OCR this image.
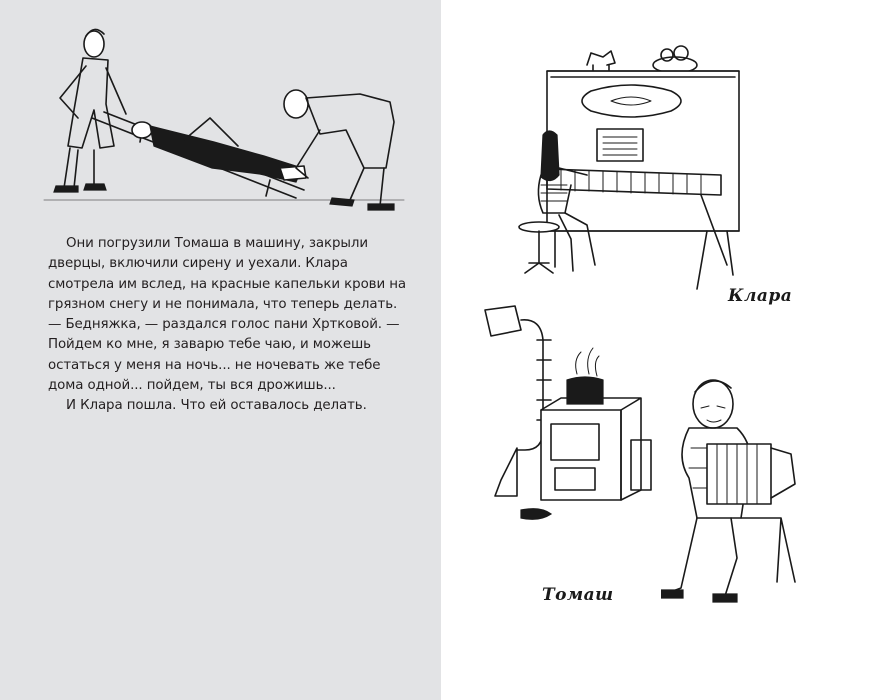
Они погрузили Томаша в машину, закрыли

дверцы, включили сирену и уехали. Клара

смотрела им вслед, на красные капельки крови на

грязном снегу и не понимала, что теперь делать.

— Бедняжка, — раздался голос пани Хртковой. —

Пойдем ко мне, я заварю тебе чаю, и можешь

остаться у меня на ночь... не ночевать же тебе

дома одной... пойдем, ты вся дрожишь...

И Клара пошла. Что ей оставалось делать.

Клара
Томаш
